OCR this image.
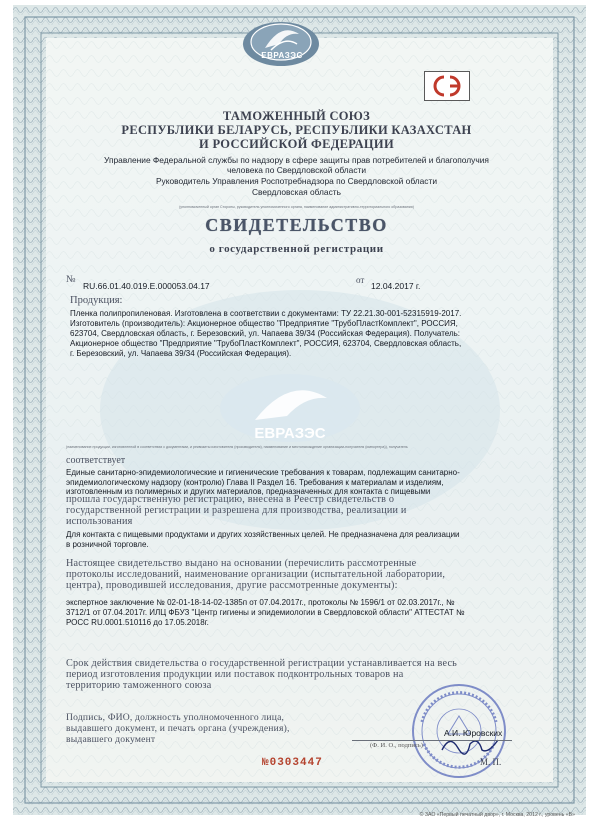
ЕВРАЗЭС
ТАМОЖЕННЫЙ СОЮЗ
РЕСПУБЛИКИ БЕЛАРУСЬ, РЕСПУБЛИКИ КАЗАХСТАН
И РОССИЙСКОЙ ФЕДЕРАЦИИ
Управление Федеральной службы по надзору в сфере защиты прав потребителей и благополучия
человека по Свердловской области
Руководитель Управления Роспотребнадзора по Свердловской области
Свердловская область
(уполномоченный орган Стороны, руководитель уполномоченного органа, наименование административно-территориального образования)
СВИДЕТЕЛЬСТВО
о государственной регистрации
№
RU.66.01.40.019.E.000053.04.17
от
12.04.2017 г.
Продукция:
Пленка полипропиленовая. Изготовлена в соответствии с документами: ТУ 22.21.30-001-52315919-2017.
Изготовитель (производитель): Акционерное общество "Предприятие "ТрубоПластКомплект", РОССИЯ,
623704, Свердловская область, г. Березовский, ул. Чапаева 39/34 (Российская Федерация). Получатель:
Акционерное общество "Предприятие "ТрубоПластКомплект", РОССИЯ, 623704, Свердловская область,
г. Березовский, ул. Чапаева 39/34 (Российская Федерация).
ЕВРАЗЭС
(наименование продукции, изготовленной в соответствии с документами, и реквизиты изготовителя (производителя), наименование и местонахождение организации-получателя (импортера)), получатель
соответствует
Единые санитарно-эпидемиологические и гигиенические требования к товарам, подлежащим санитарно-
эпидемиологическому надзору (контролю) Глава II Раздел 16. Требования к материалам и изделиям,
изготовленным из полимерных и других материалов, предназначенных для контакта с пищевыми
прошла государственную регистрацию, внесена в Реестр свидетельств о
государственной регистрации и разрешена для производства, реализации и
использования
Для контакта с пищевыми продуктами и других хозяйственных целей. Не предназначена для реализации
в розничной торговле.
Настоящее свидетельство выдано на основании (перечислить рассмотренные
протоколы исследований, наименование организации (испытательной лаборатории,
центра), проводившей исследования, другие рассмотренные документы):
экспертное заключение № 02-01-18-14-02-1385п от 07.04.2017г., протоколы № 1596/1 от 02.03.2017г., №
3712/1 от 07.04.2017г. ИЛЦ ФБУЗ "Центр гигиены и эпидемиологии в Свердловской области" АТТЕСТАТ №
РОСС RU.0001.510116 до 17.05.2018г.
Срок действия свидетельства о государственной регистрации устанавливается на весь
период изготовления продукции или поставок подконтрольных товаров на
территорию таможенного союза
Подпись, ФИО, должность уполномоченного лица,
выдавшего документ, и печать органа (учреждения),
выдавшего документ
А.И. Юровских
(Ф. И. О., подпись)
М. П.
№0303447
© ЗАО «Первый печатный двор», г. Москва, 2012 г., уровень «В»
